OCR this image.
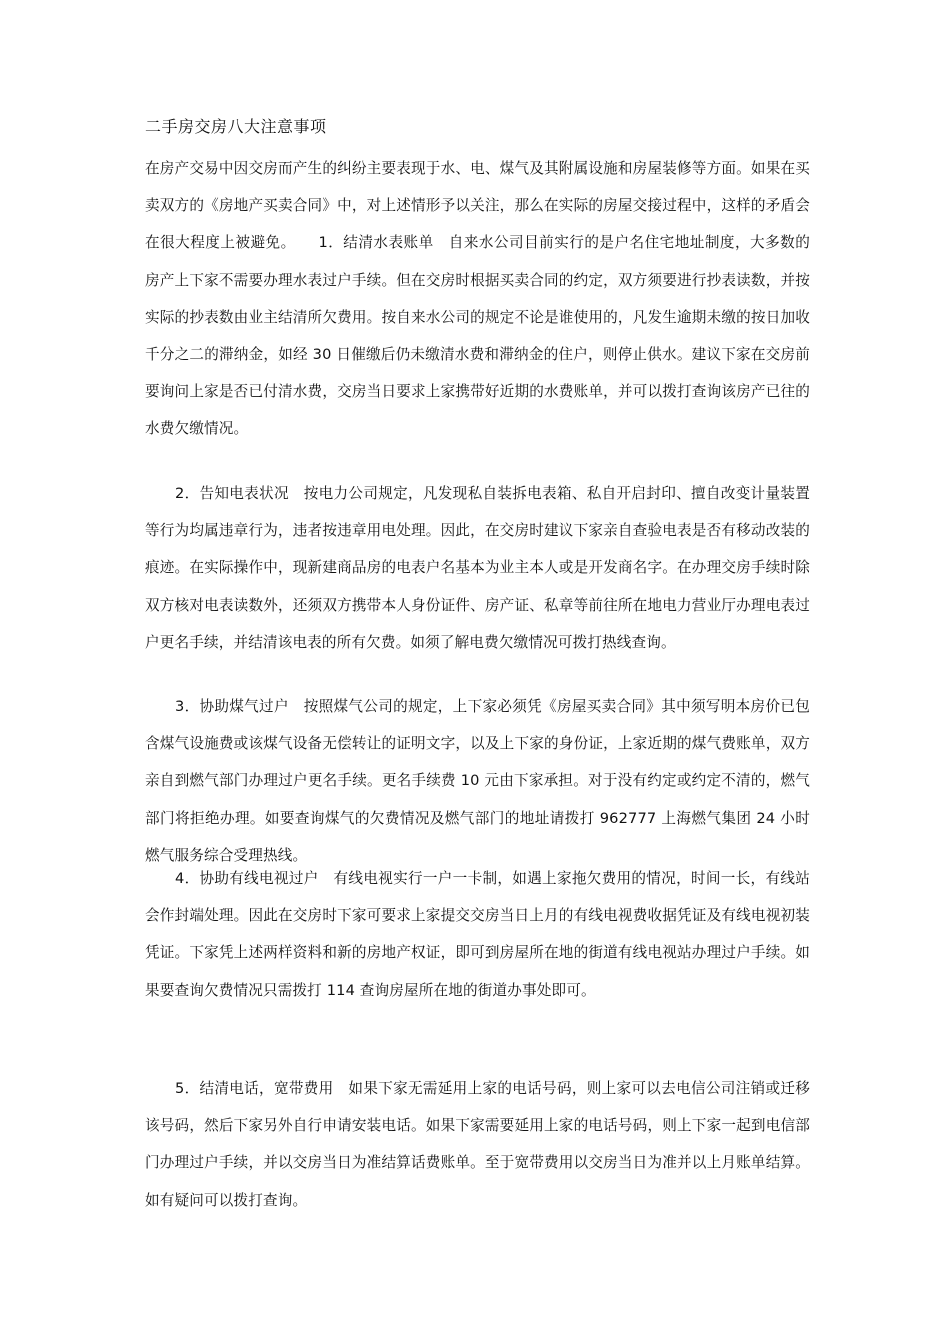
二手房交房八大注意事项

在房产交易中因交房而产生的纠纷主要表现于水、电、煤气及其附属设施和房屋装修等方面。如果在买卖双方的《房地产买卖合同》中，对上述情形予以关注，那么在实际的房屋交接过程中，这样的矛盾会在很大程度上被避免。　　1．结清水表账单　自来水公司目前实行的是户名住宅地址制度，大多数的房产上下家不需要办理水表过户手续。但在交房时根据买卖合同的约定，双方须要进行抄表读数，并按实际的抄表数由业主结清所欠费用。按自来水公司的规定不论是谁使用的，凡发生逾期未缴的按日加收千分之二的滞纳金，如经 30 日催缴后仍未缴清水费和滞纳金的住户，则停止供水。建议下家在交房前要询问上家是否已付清水费，交房当日要求上家携带好近期的水费账单，并可以拨打查询该房产已往的水费欠缴情况。

2．告知电表状况　按电力公司规定，凡发现私自装拆电表箱、私自开启封印、擅自改变计量装置等行为均属违章行为，违者按违章用电处理。因此，在交房时建议下家亲自查验电表是否有移动改装的痕迹。在实际操作中，现新建商品房的电表户名基本为业主本人或是开发商名字。在办理交房手续时除双方核对电表读数外，还须双方携带本人身份证件、房产证、私章等前往所在地电力营业厅办理电表过户更名手续，并结清该电表的所有欠费。如须了解电费欠缴情况可拨打热线查询。

3．协助煤气过户　按照煤气公司的规定，上下家必须凭《房屋买卖合同》其中须写明本房价已包含煤气设施费或该煤气设备无偿转让的证明文字，以及上下家的身份证，上家近期的煤气费账单，双方亲自到燃气部门办理过户更名手续。更名手续费 10 元由下家承担。对于没有约定或约定不清的，燃气部门将拒绝办理。如要查询煤气的欠费情况及燃气部门的地址请拨打 962777 上海燃气集团 24 小时燃气服务综合受理热线。

4．协助有线电视过户　有线电视实行一户一卡制，如遇上家拖欠费用的情况，时间一长，有线站会作封端处理。因此在交房时下家可要求上家提交交房当日上月的有线电视费收据凭证及有线电视初装凭证。下家凭上述两样资料和新的房地产权证，即可到房屋所在地的街道有线电视站办理过户手续。如果要查询欠费情况只需拨打 114 查询房屋所在地的街道办事处即可。

5．结清电话，宽带费用　如果下家无需延用上家的电话号码，则上家可以去电信公司注销或迁移该号码，然后下家另外自行申请安装电话。如果下家需要延用上家的电话号码，则上下家一起到电信部门办理过户手续，并以交房当日为准结算话费账单。至于宽带费用以交房当日为准并以上月账单结算。如有疑问可以拨打查询。
